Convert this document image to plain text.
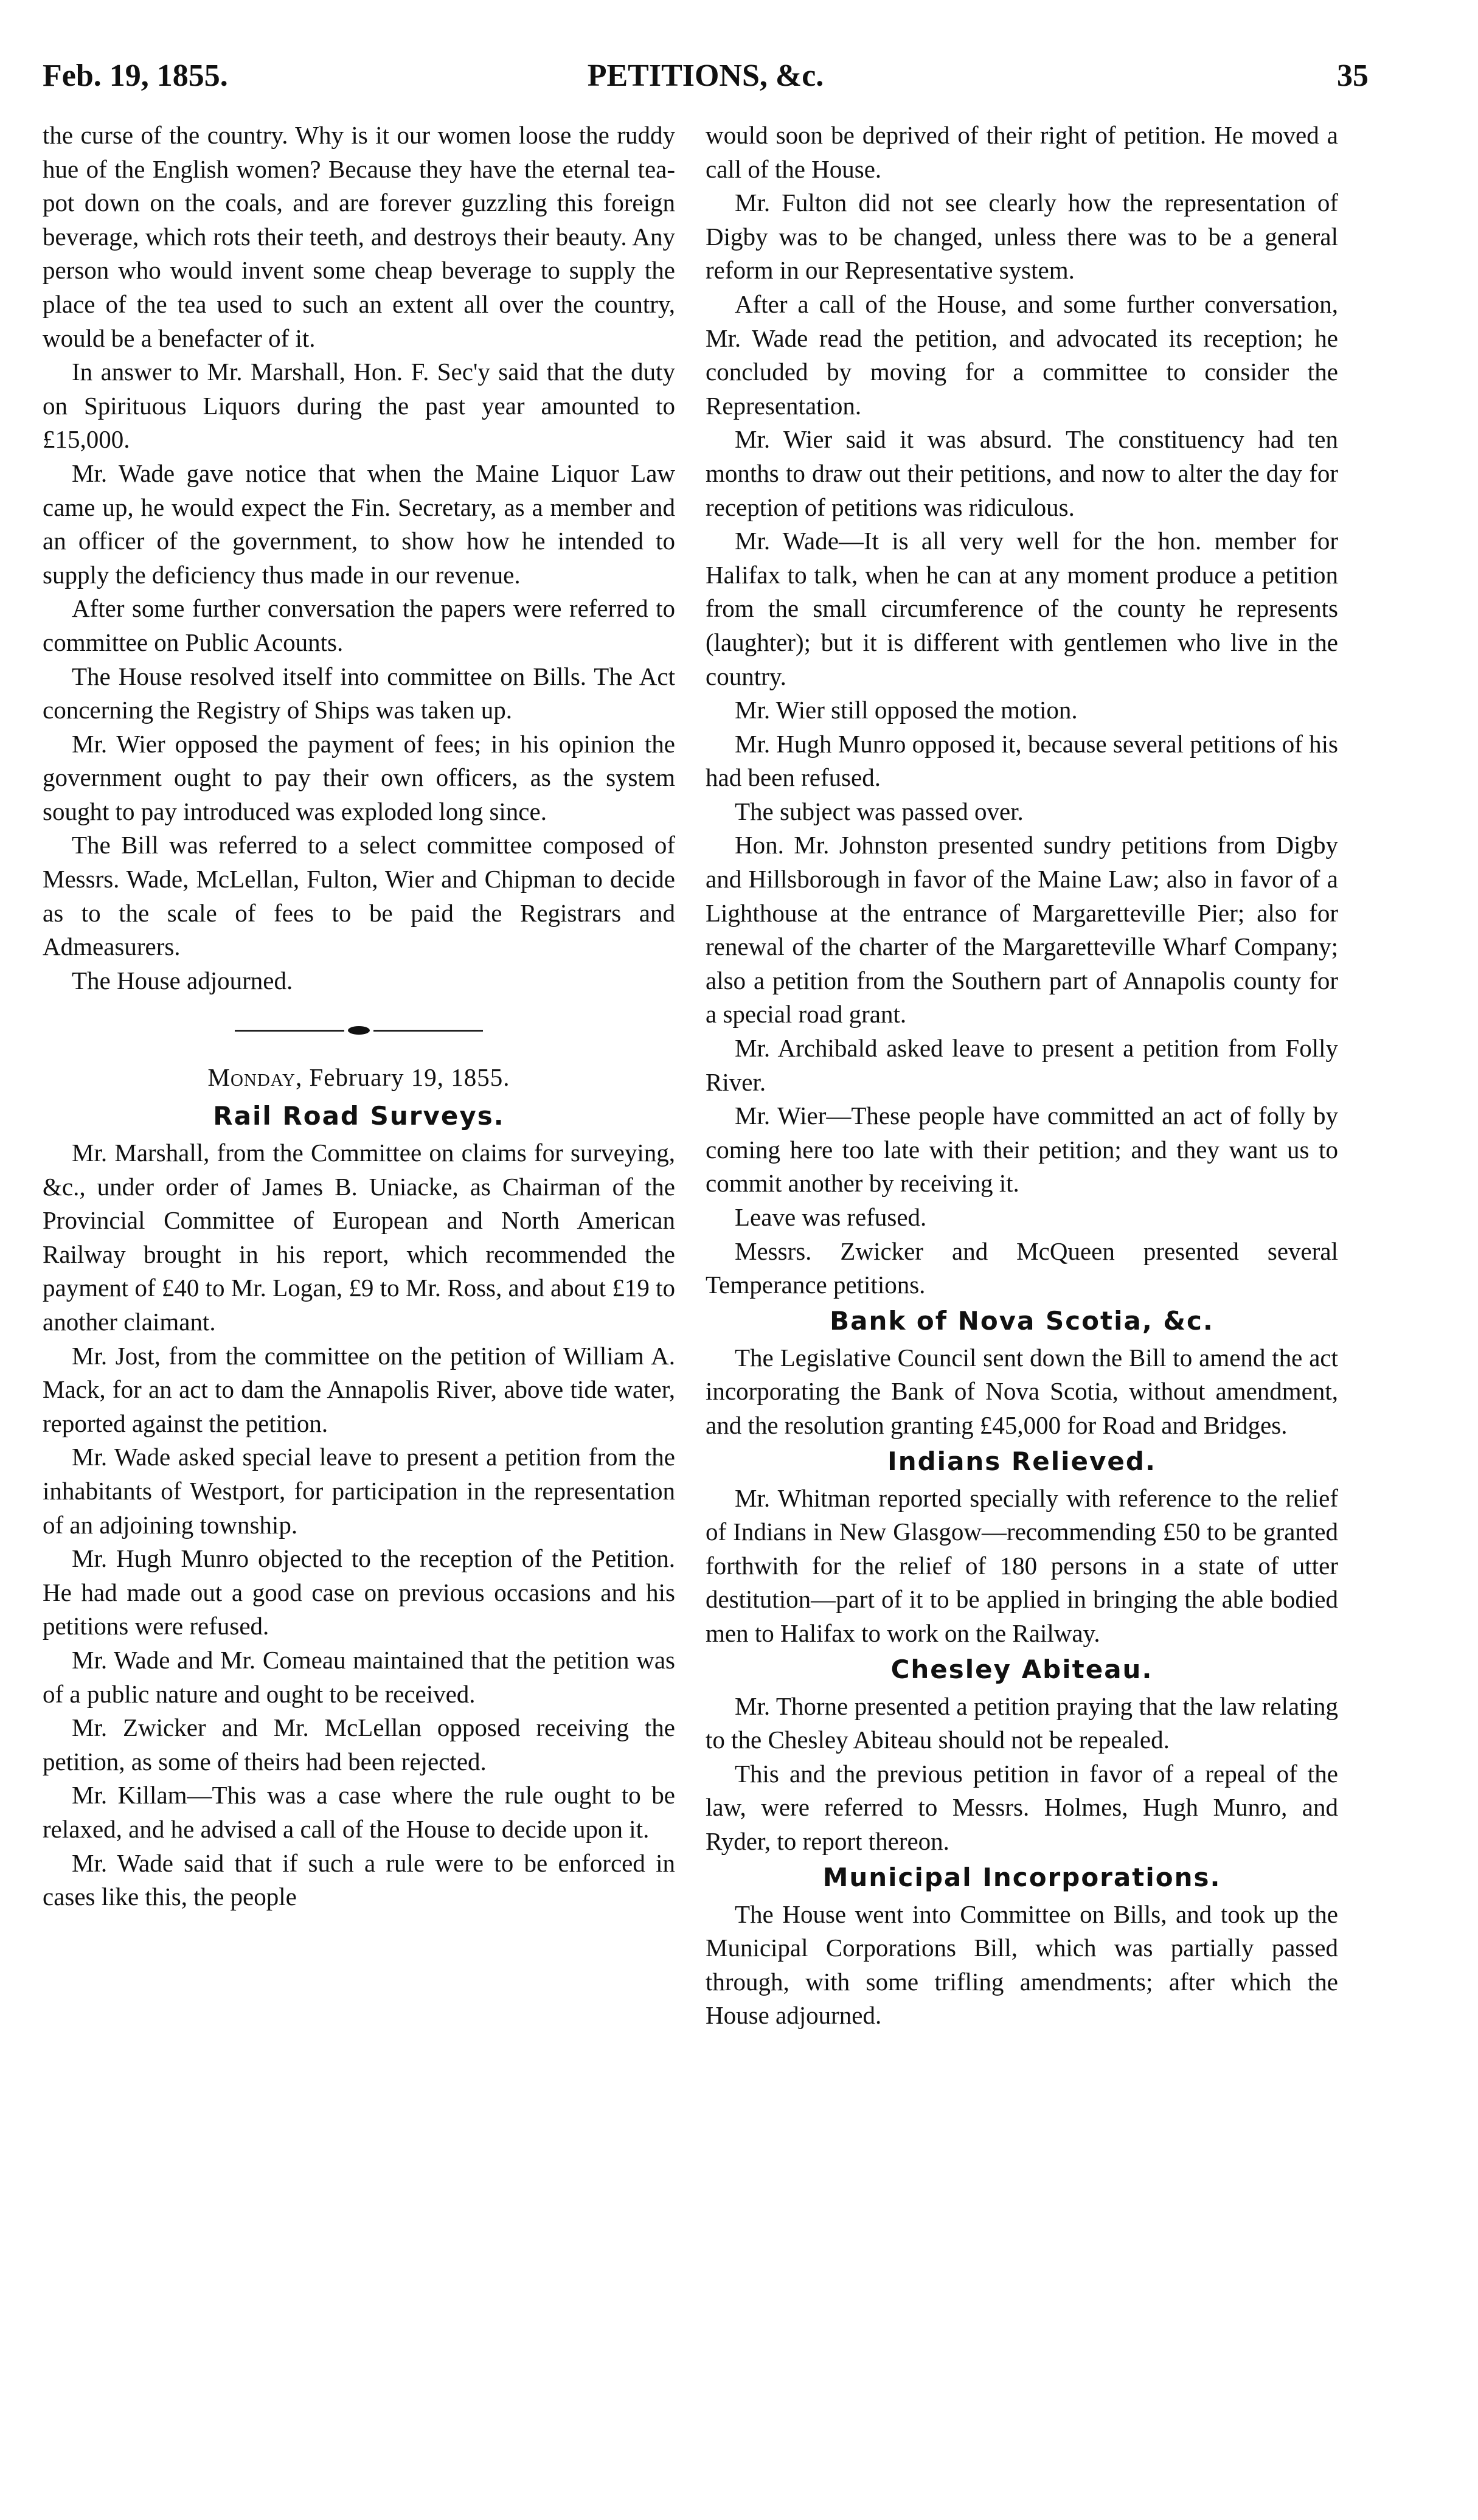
Feb. 19, 1855.	PETITIONS, &c.	35

the curse of the country. Why is it our women loose the ruddy hue of the English women? Because they have the eternal tea-pot down on the coals, and are forever guzzling this foreign beverage, which rots their teeth, and destroys their beauty. Any person who would invent some cheap beverage to supply the place of the tea used to such an extent all over the country, would be a benefacter of it.

In answer to Mr. Marshall, Hon. F. Sec'y said that the duty on Spirituous Liquors during the past year amounted to £15,000.

Mr. Wade gave notice that when the Maine Liquor Law came up, he would expect the Fin. Secretary, as a member and an officer of the government, to show how he intended to supply the deficiency thus made in our revenue.

After some further conversation the papers were referred to committee on Public Acounts.

The House resolved itself into committee on Bills. The Act concerning the Registry of Ships was taken up.

Mr. Wier opposed the payment of fees; in his opinion the government ought to pay their own officers, as the system sought to pay introduced was exploded long since.

The Bill was referred to a select committee composed of Messrs. Wade, McLellan, Fulton, Wier and Chipman to decide as to the scale of fees to be paid the Registrars and Admeasurers.

The House adjourned.

Monday, February 19, 1855.

Rail Road Surveys.

Mr. Marshall, from the Committee on claims for surveying, &c., under order of James B. Uniacke, as Chairman of the Provincial Committee of European and North American Railway brought in his report, which recommended the payment of £40 to Mr. Logan, £9 to Mr. Ross, and about £19 to another claimant.

Mr. Jost, from the committee on the petition of William A. Mack, for an act to dam the Annapolis River, above tide water, reported against the petition.

Mr. Wade asked special leave to present a petition from the inhabitants of Westport, for participation in the representation of an adjoining township.

Mr. Hugh Munro objected to the reception of the Petition. He had made out a good case on previous occasions and his petitions were refused.

Mr. Wade and Mr. Comeau maintained that the petition was of a public nature and ought to be received.

Mr. Zwicker and Mr. McLellan opposed receiving the petition, as some of theirs had been rejected.

Mr. Killam—This was a case where the rule ought to be relaxed, and he advised a call of the House to decide upon it.

Mr. Wade said that if such a rule were to be enforced in cases like this, the people

would soon be deprived of their right of petition. He moved a call of the House.

Mr. Fulton did not see clearly how the representation of Digby was to be changed, unless there was to be a general reform in our Representative system.

After a call of the House, and some further conversation, Mr. Wade read the petition, and advocated its reception; he concluded by moving for a committee to consider the Representation.

Mr. Wier said it was absurd. The constituency had ten months to draw out their petitions, and now to alter the day for reception of petitions was ridiculous.

Mr. Wade—It is all very well for the hon. member for Halifax to talk, when he can at any moment produce a petition from the small circumference of the county he represents (laughter); but it is different with gentlemen who live in the country.

Mr. Wier still opposed the motion.

Mr. Hugh Munro opposed it, because several petitions of his had been refused.

The subject was passed over.

Hon. Mr. Johnston presented sundry petitions from Digby and Hillsborough in favor of the Maine Law; also in favor of a Lighthouse at the entrance of Margaretteville Pier; also for renewal of the charter of the Margaretteville Wharf Company; also a petition from the Southern part of Annapolis county for a special road grant.

Mr. Archibald asked leave to present a petition from Folly River.

Mr. Wier—These people have committed an act of folly by coming here too late with their petition; and they want us to commit another by receiving it.

Leave was refused.

Messrs. Zwicker and McQueen presented several Temperance petitions.

Bank of Nova Scotia, &c.

The Legislative Council sent down the Bill to amend the act incorporating the Bank of Nova Scotia, without amendment, and the resolution granting £45,000 for Road and Bridges.

Indians Relieved.

Mr. Whitman reported specially with reference to the relief of Indians in New Glasgow—recommending £50 to be granted forthwith for the relief of 180 persons in a state of utter destitution—part of it to be applied in bringing the able bodied men to Halifax to work on the Railway.

Chesley Abiteau.

Mr. Thorne presented a petition praying that the law relating to the Chesley Abiteau should not be repealed.

This and the previous petition in favor of a repeal of the law, were referred to Messrs. Holmes, Hugh Munro, and Ryder, to report thereon.

Municipal Incorporations.

The House went into Committee on Bills, and took up the Municipal Corporations Bill, which was partially passed through, with some trifling amendments; after which the House adjourned.
